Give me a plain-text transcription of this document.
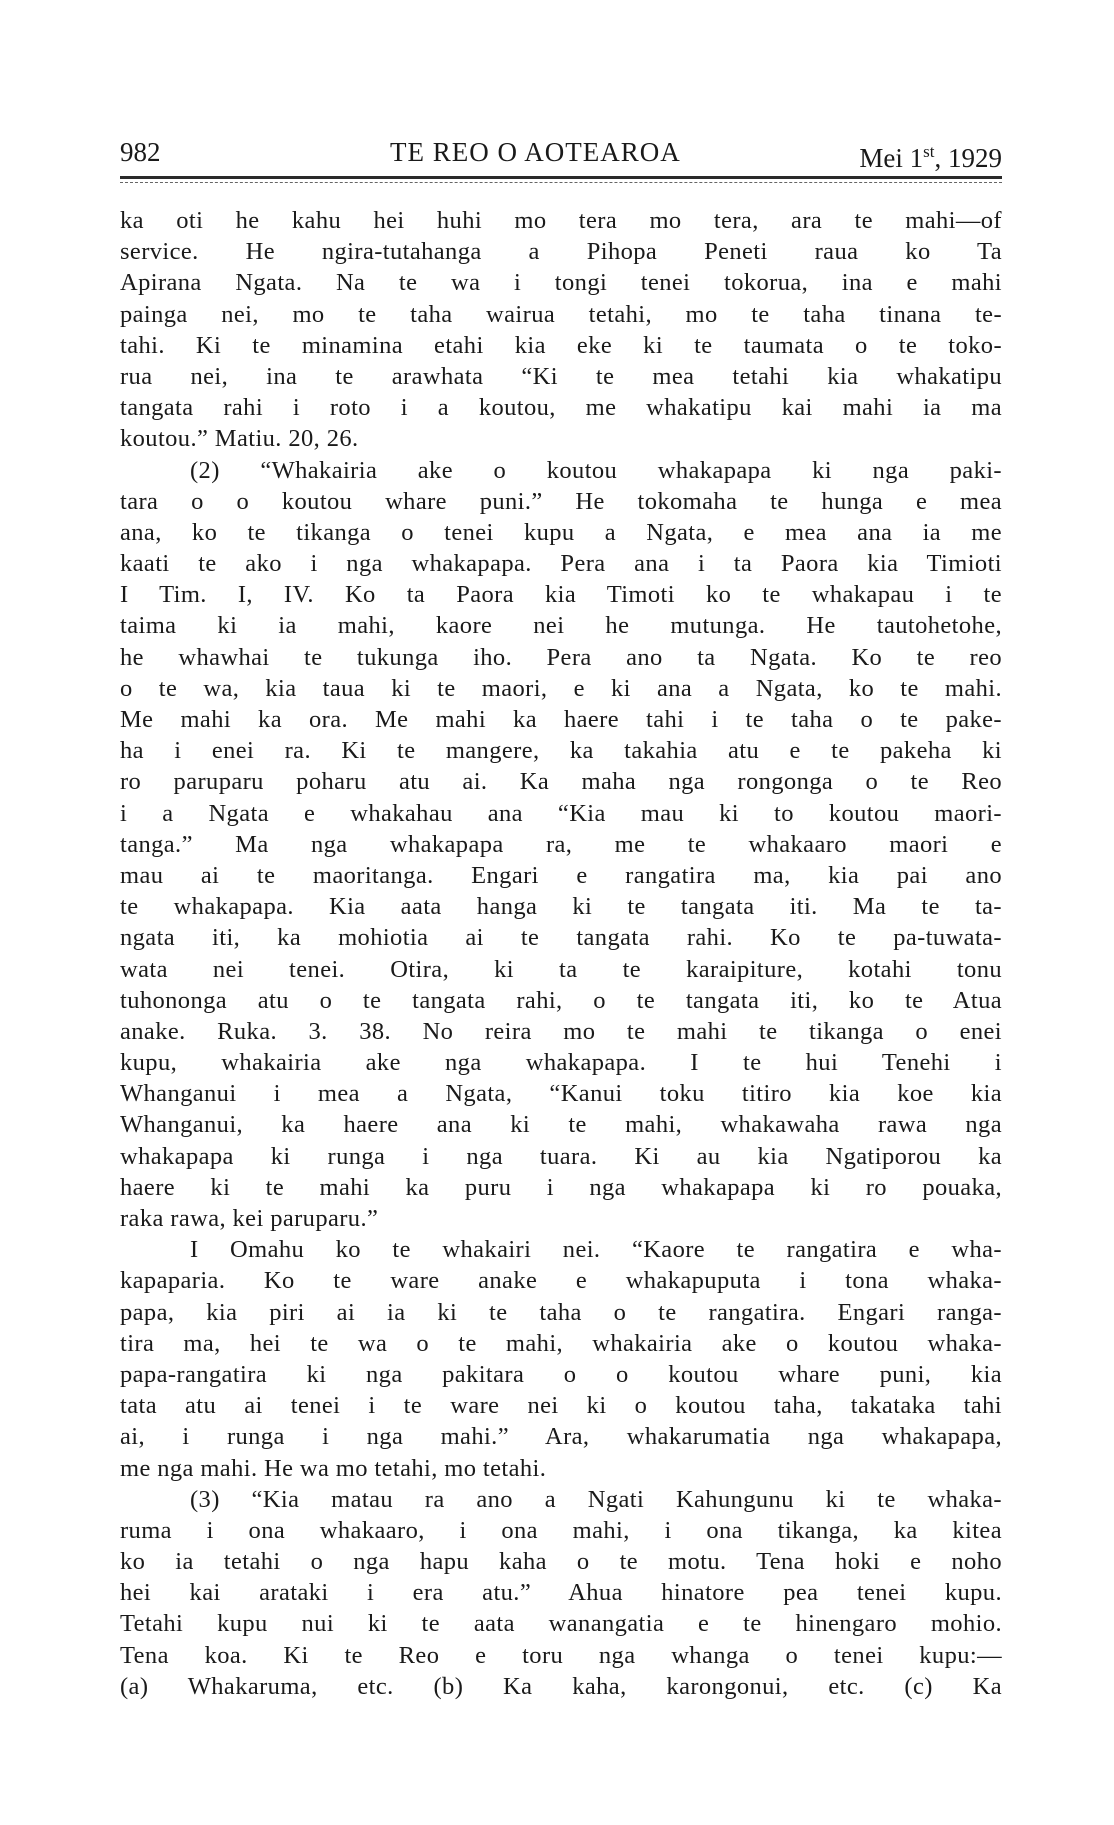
982	TE REO O AOTEAROA	Mei 1st, 1929
ka oti he kahu hei huhi mo tera mo tera, ara te mahi—of
service. He ngira-tutahanga a Pihopa Peneti raua ko Ta
Apirana Ngata. Na te wa i tongi tenei tokorua, ina e mahi
painga nei, mo te taha wairua tetahi, mo te taha tinana te-
tahi. Ki te minamina etahi kia eke ki te taumata o te toko-
rua nei, ina te arawhata “Ki te mea tetahi kia whakatipu
tangata rahi i roto i a koutou, me whakatipu kai mahi ia ma
koutou.” Matiu. 20, 26.
(2) “Whakairia ake o koutou whakapapa ki nga paki-
tara o o koutou whare puni.” He tokomaha te hunga e mea
ana, ko te tikanga o tenei kupu a Ngata, e mea ana ia me
kaati te ako i nga whakapapa. Pera ana i ta Paora kia Timioti
I Tim. I, IV. Ko ta Paora kia Timoti ko te whakapau i te
taima ki ia mahi, kaore nei he mutunga. He tautohetohe,
he whawhai te tukunga iho. Pera ano ta Ngata. Ko te reo
o te wa, kia taua ki te maori, e ki ana a Ngata, ko te mahi.
Me mahi ka ora. Me mahi ka haere tahi i te taha o te pake-
ha i enei ra. Ki te mangere, ka takahia atu e te pakeha ki
ro paruparu poharu atu ai. Ka maha nga rongonga o te Reo
i a Ngata e whakahau ana “Kia mau ki to koutou maori-
tanga.” Ma nga whakapapa ra, me te whakaaro maori e
mau ai te maoritanga. Engari e rangatira ma, kia pai ano
te whakapapa. Kia aata hanga ki te tangata iti. Ma te ta-
ngata iti, ka mohiotia ai te tangata rahi. Ko te pa-tuwata-
wata nei tenei. Otira, ki ta te karaipiture, kotahi tonu
tuhononga atu o te tangata rahi, o te tangata iti, ko te Atua
anake. Ruka. 3. 38. No reira mo te mahi te tikanga o enei
kupu, whakairia ake nga whakapapa. I te hui Tenehi i
Whanganui i mea a Ngata, “Kanui toku titiro kia koe kia
Whanganui, ka haere ana ki te mahi, whakawaha rawa nga
whakapapa ki runga i nga tuara. Ki au kia Ngatiporou ka
haere ki te mahi ka puru i nga whakapapa ki ro pouaka,
raka rawa, kei paruparu.”
I Omahu ko te whakairi nei. “Kaore te rangatira e wha-
kapaparia. Ko te ware anake e whakapuputa i tona whaka-
papa, kia piri ai ia ki te taha o te rangatira. Engari ranga-
tira ma, hei te wa o te mahi, whakairia ake o koutou whaka-
papa-rangatira ki nga pakitara o o koutou whare puni, kia
tata atu ai tenei i te ware nei ki o koutou taha, takataka tahi
ai, i runga i nga mahi.” Ara, whakarumatia nga whakapapa,
me nga mahi. He wa mo tetahi, mo tetahi.
(3) “Kia matau ra ano a Ngati Kahungunu ki te whaka-
ruma i ona whakaaro, i ona mahi, i ona tikanga, ka kitea
ko ia tetahi o nga hapu kaha o te motu. Tena hoki e noho
hei kai arataki i era atu.” Ahua hinatore pea tenei kupu.
Tetahi kupu nui ki te aata wanangatia e te hinengaro mohio.
Tena koa. Ki te Reo e toru nga whanga o tenei kupu:—
(a) Whakaruma, etc. (b) Ka kaha, karongonui, etc. (c) Ka
